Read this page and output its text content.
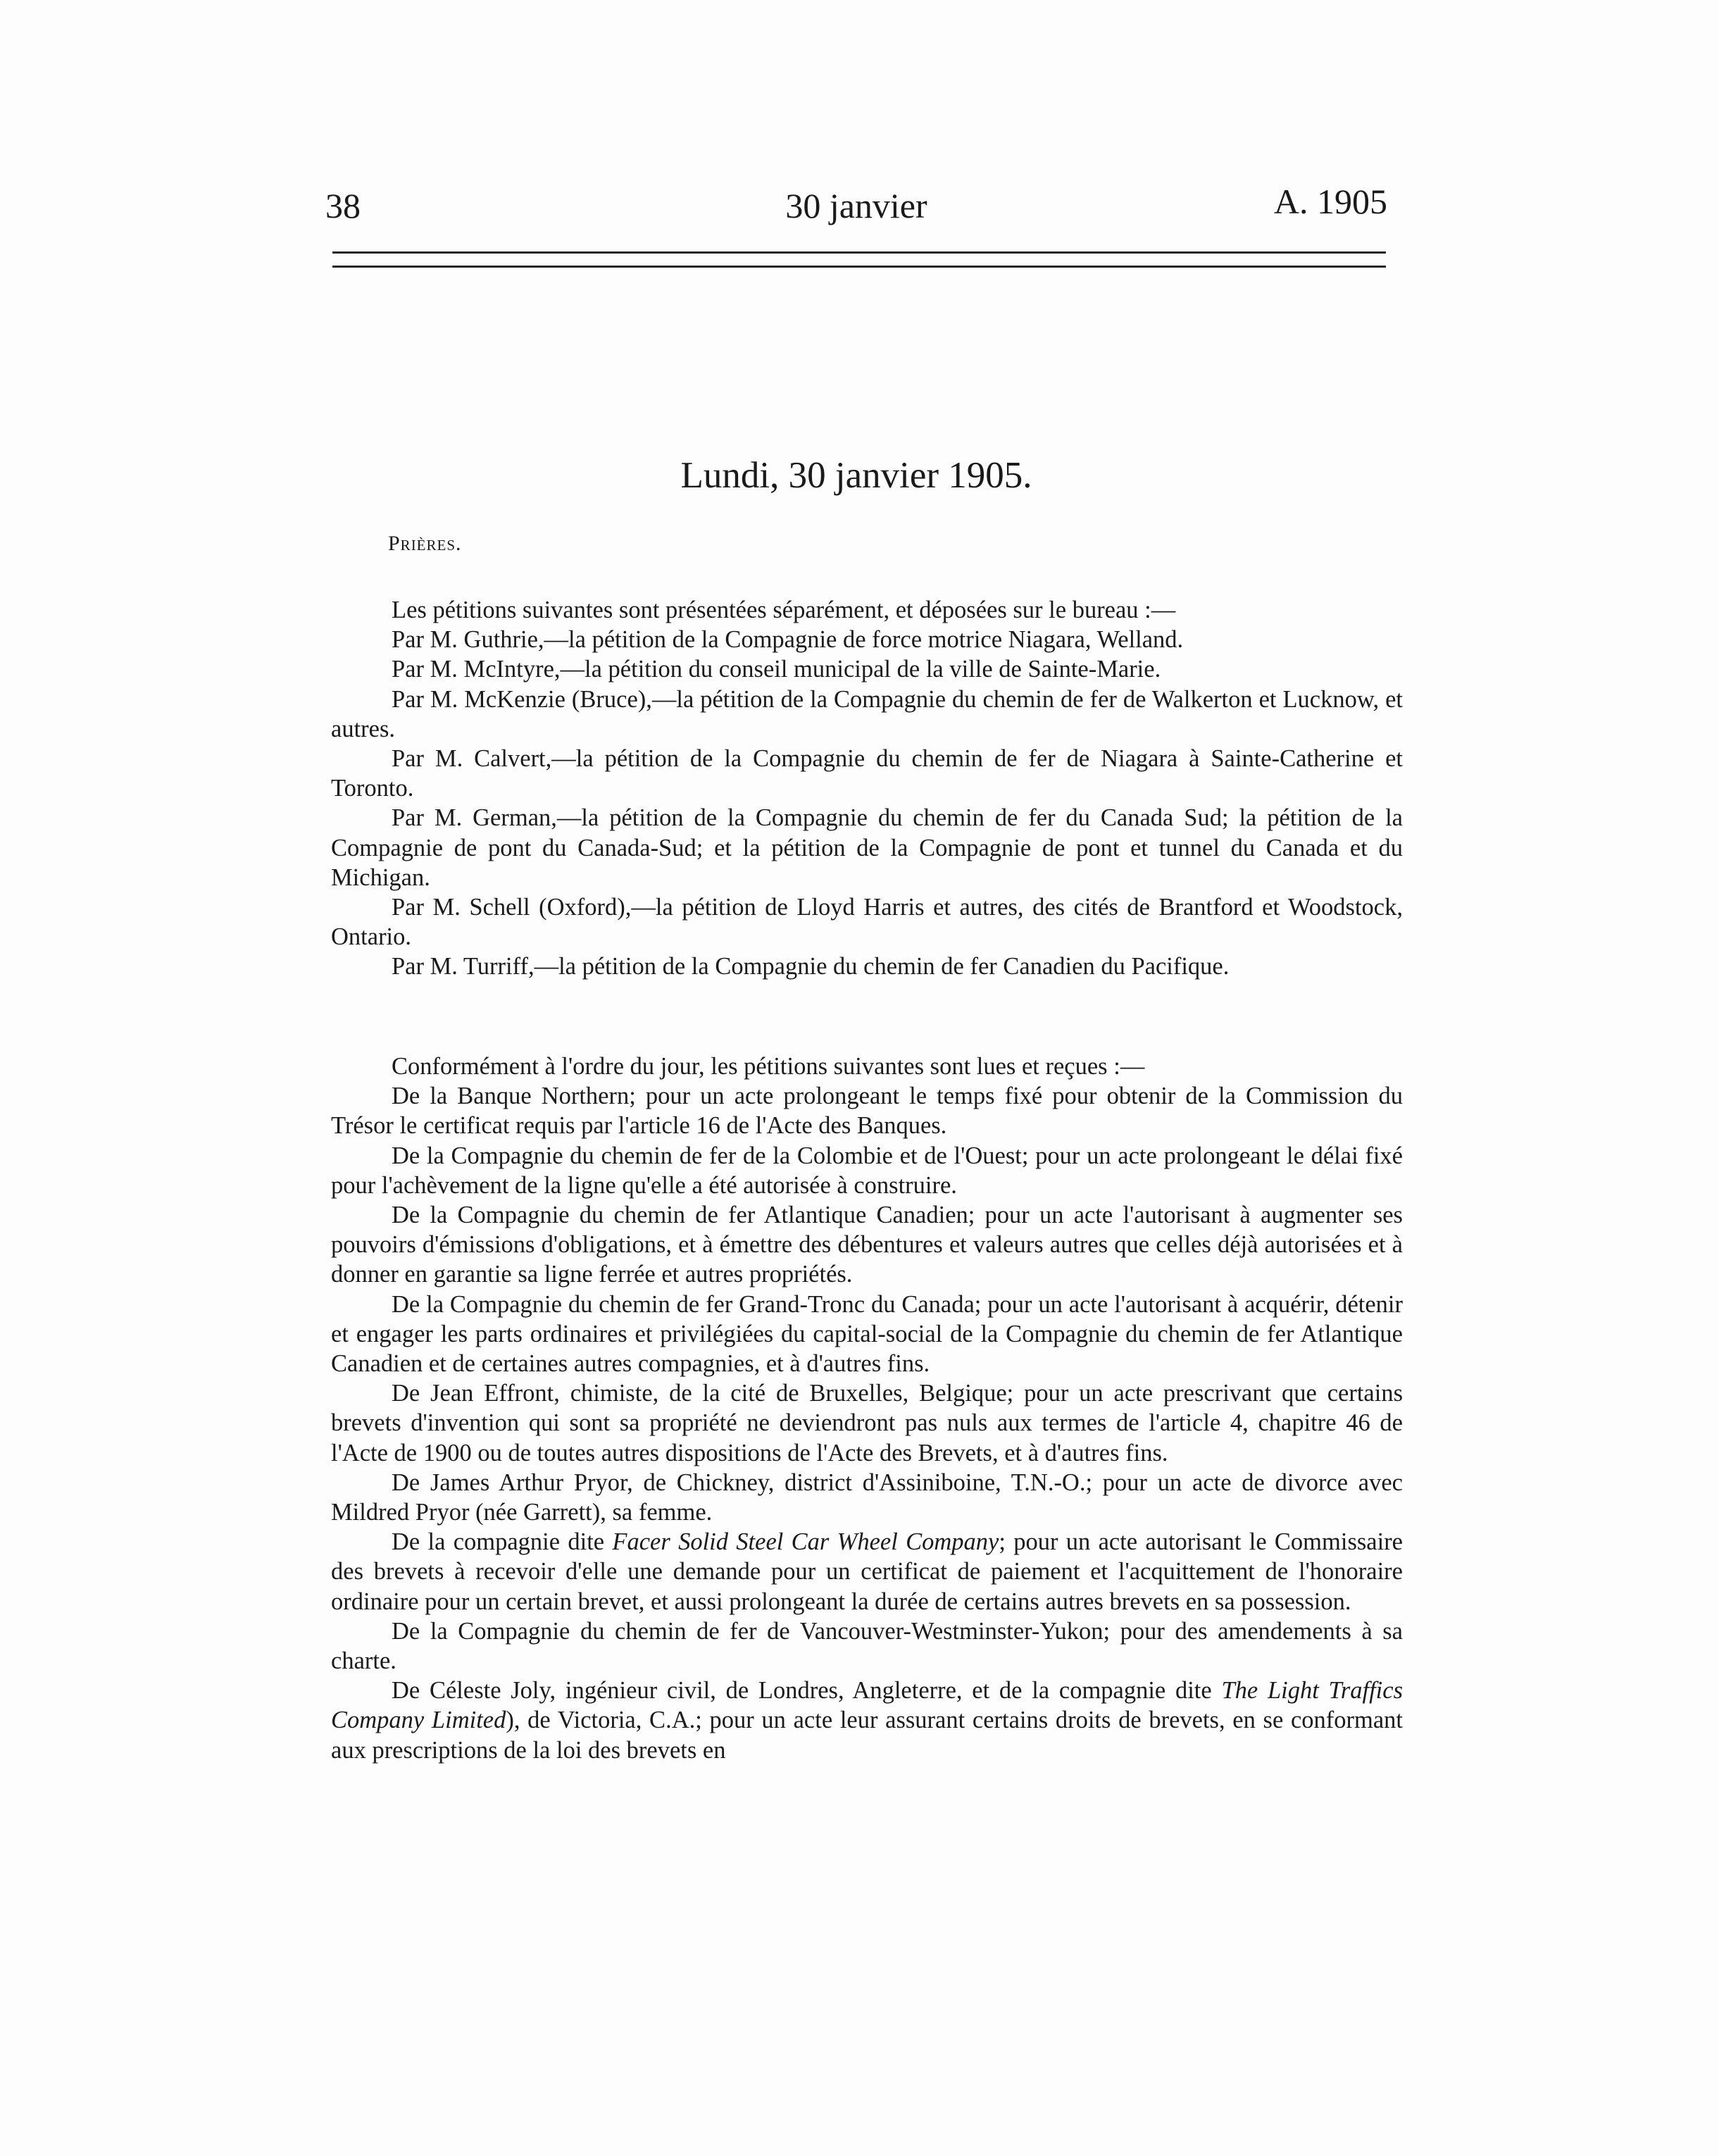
38	30 janvier	A. 1905
Lundi, 30 janvier 1905.
Prières.

Les pétitions suivantes sont présentées séparément, et déposées sur le bureau :—

Par M. Guthrie,—la pétition de la Compagnie de force motrice Niagara, Welland.

Par M. McIntyre,—la pétition du conseil municipal de la ville de Sainte-Marie.

Par M. McKenzie (Bruce),—la pétition de la Compagnie du chemin de fer de Walkerton et Lucknow, et autres.

Par M. Calvert,—la pétition de la Compagnie du chemin de fer de Niagara à Sainte-Catherine et Toronto.

Par M. German,—la pétition de la Compagnie du chemin de fer du Canada Sud; la pétition de la Compagnie de pont du Canada-Sud; et la pétition de la Compagnie de pont et tunnel du Canada et du Michigan.

Par M. Schell (Oxford),—la pétition de Lloyd Harris et autres, des cités de Brantford et Woodstock, Ontario.

Par M. Turriff,—la pétition de la Compagnie du chemin de fer Canadien du Pacifique.

Conformément à l'ordre du jour, les pétitions suivantes sont lues et reçues :—

De la Banque Northern; pour un acte prolongeant le temps fixé pour obtenir de la Commission du Trésor le certificat requis par l'article 16 de l'Acte des Banques.

De la Compagnie du chemin de fer de la Colombie et de l'Ouest; pour un acte prolongeant le délai fixé pour l'achèvement de la ligne qu'elle a été autorisée à construire.

De la Compagnie du chemin de fer Atlantique Canadien; pour un acte l'autorisant à augmenter ses pouvoirs d'émissions d'obligations, et à émettre des débentures et valeurs autres que celles déjà autorisées et à donner en garantie sa ligne ferrée et autres propriétés.

De la Compagnie du chemin de fer Grand-Tronc du Canada; pour un acte l'autorisant à acquérir, détenir et engager les parts ordinaires et privilégiées du capital-social de la Compagnie du chemin de fer Atlantique Canadien et de certaines autres compagnies, et à d'autres fins.

De Jean Effront, chimiste, de la cité de Bruxelles, Belgique; pour un acte prescrivant que certains brevets d'invention qui sont sa propriété ne deviendront pas nuls aux termes de l'article 4, chapitre 46 de l'Acte de 1900 ou de toutes autres dispositions de l'Acte des Brevets, et à d'autres fins.

De James Arthur Pryor, de Chickney, district d'Assiniboine, T.N.-O.; pour un acte de divorce avec Mildred Pryor (née Garrett), sa femme.

De la compagnie dite Facer Solid Steel Car Wheel Company; pour un acte autorisant le Commissaire des brevets à recevoir d'elle une demande pour un certificat de paiement et l'acquittement de l'honoraire ordinaire pour un certain brevet, et aussi prolongeant la durée de certains autres brevets en sa possession.

De la Compagnie du chemin de fer de Vancouver-Westminster-Yukon; pour des amendements à sa charte.

De Céleste Joly, ingénieur civil, de Londres, Angleterre, et de la compagnie dite The Light Traffics Company Limited), de Victoria, C.A.; pour un acte leur assurant certains droits de brevets, en se conformant aux prescriptions de la loi des brevets en
